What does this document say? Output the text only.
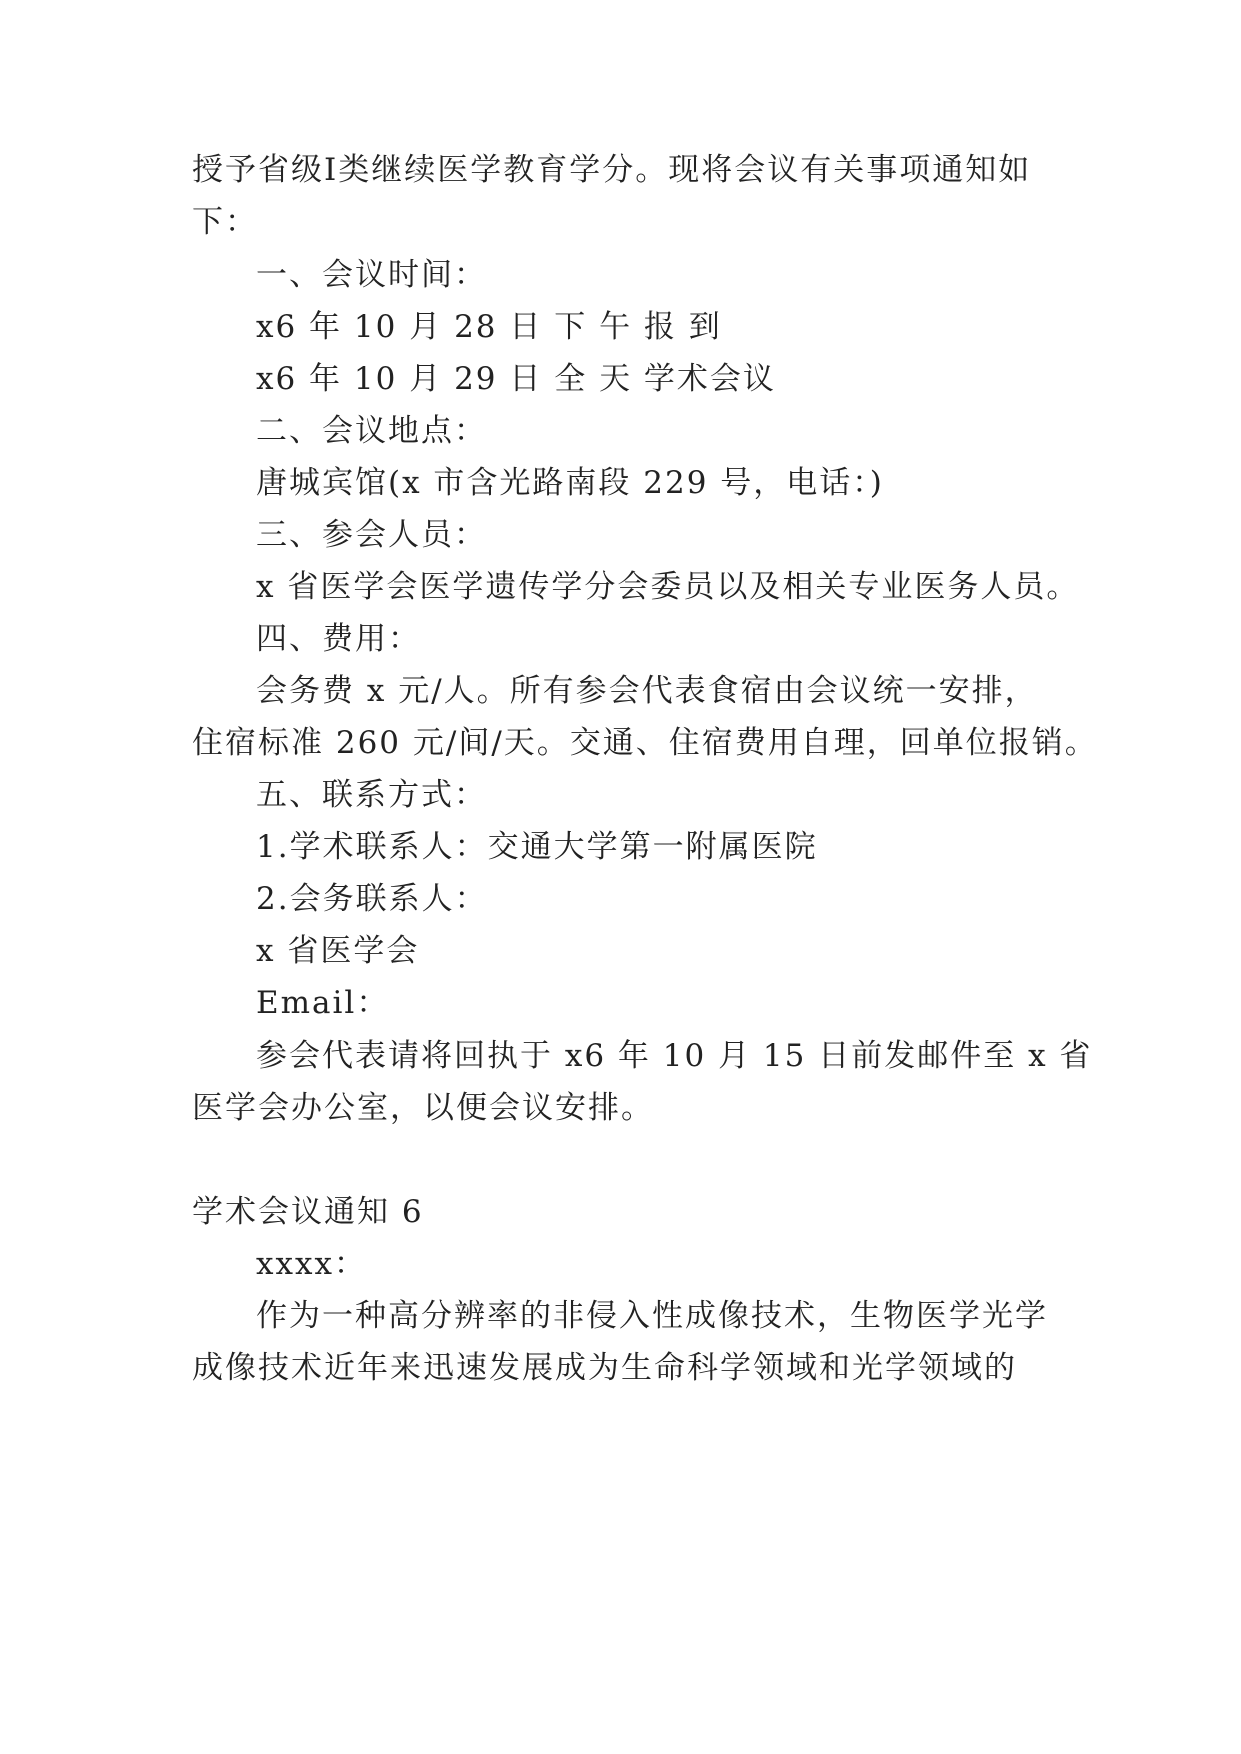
授予省级Ⅰ类继续医学教育学分。现将会议有关事项通知如

下：

一、会议时间：

x6 年 10 月 28 日 下 午 报 到

x6 年 10 月 29 日 全 天 学术会议

二、会议地点：

唐城宾馆(x 市含光路南段 229 号，电话：)

三、参会人员：

x 省医学会医学遗传学分会委员以及相关专业医务人员。

四、费用：

会务费 x 元/人。所有参会代表食宿由会议统一安排，

住宿标准 260 元/间/天。交通、住宿费用自理，回单位报销。

五、联系方式：

1.学术联系人：交通大学第一附属医院

2.会务联系人：

x 省医学会

Email：

参会代表请将回执于 x6 年 10 月 15 日前发邮件至 x 省

医学会办公室，以便会议安排。

学术会议通知 6

xxxx：

作为一种高分辨率的非侵入性成像技术，生物医学光学

成像技术近年来迅速发展成为生命科学领域和光学领域的
